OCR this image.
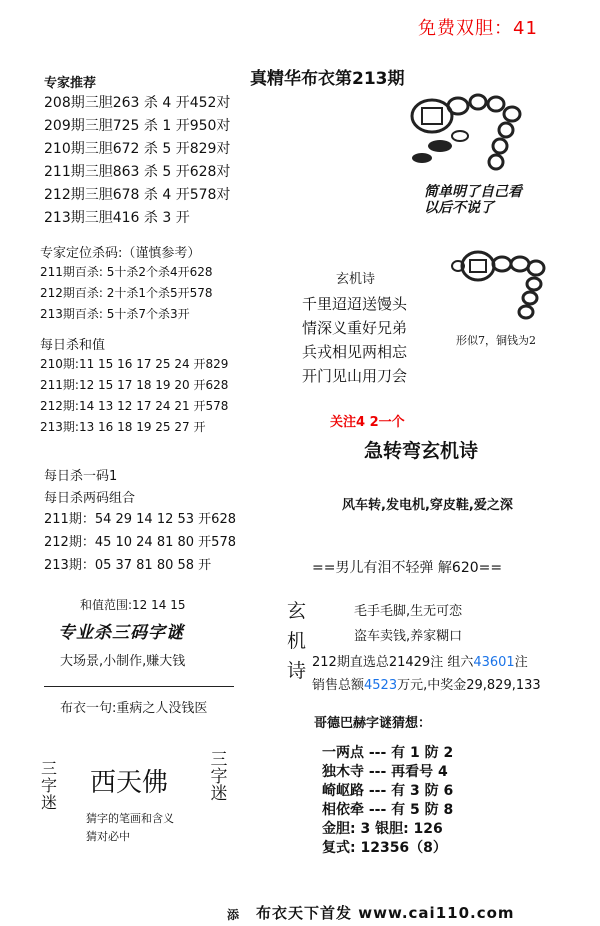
免费双胆：41
真精华布衣第213期
专家推荐
208期三胆263 杀 4 开452对
209期三胆725 杀 1 开950对
210期三胆672 杀 5 开829对
211期三胆863 杀 5 开628对
212期三胆678 杀 4 开578对
213期三胆416 杀 3 开
专家定位杀码:（谨慎参考）
211期百杀: 5十杀2个杀4开628
212期百杀: 2十杀1个杀5开578
213期百杀: 5十杀7个杀3开
每日杀和值
210期:11 15 16 17 25 24 开829
211期:12 15 17 18 19 20 开628
212期:14 13 12 17 24 21 开578
213期:13 16 18 19 25 27 开
每日杀一码1
每日杀两码组合
211期：54 29 14 12 53 开628
212期：45 10 24 81 80 开578
213期：05 37 81 80 58 开
和值范围:12 14 15
专业杀三码字谜
大场景,小制作,赚大钱
布衣一句:重病之人没钱医
三字迷
西天佛
三字迷
猜字的笔画和含义
猜对必中
简单明了自己看以后不说了
形似7，铜钱为2
玄机诗
千里迢迢送馒头
情深义重好兄弟
兵戎相见两相忘
开门见山用刀会
关注4 2一个
急转弯玄机诗
风车转,发电机,穿皮鞋,爱之深
==男儿有泪不轻弹 解620==
玄
机
诗
毛手毛脚,生无可恋
盗车卖钱,养家糊口
212期直选总21429注 组六43601注
销售总额4523万元,中奖金29,829,133
哥德巴赫字谜猜想：
一两点 --- 有 1 防 2
独木寺 --- 再看号 4
崎岖路 --- 有 3 防 6
相依牵 --- 有 5 防 8
金胆: 3 银胆: 126
复式: 12356（8）
添 布衣天下首发 www.cai110.com
